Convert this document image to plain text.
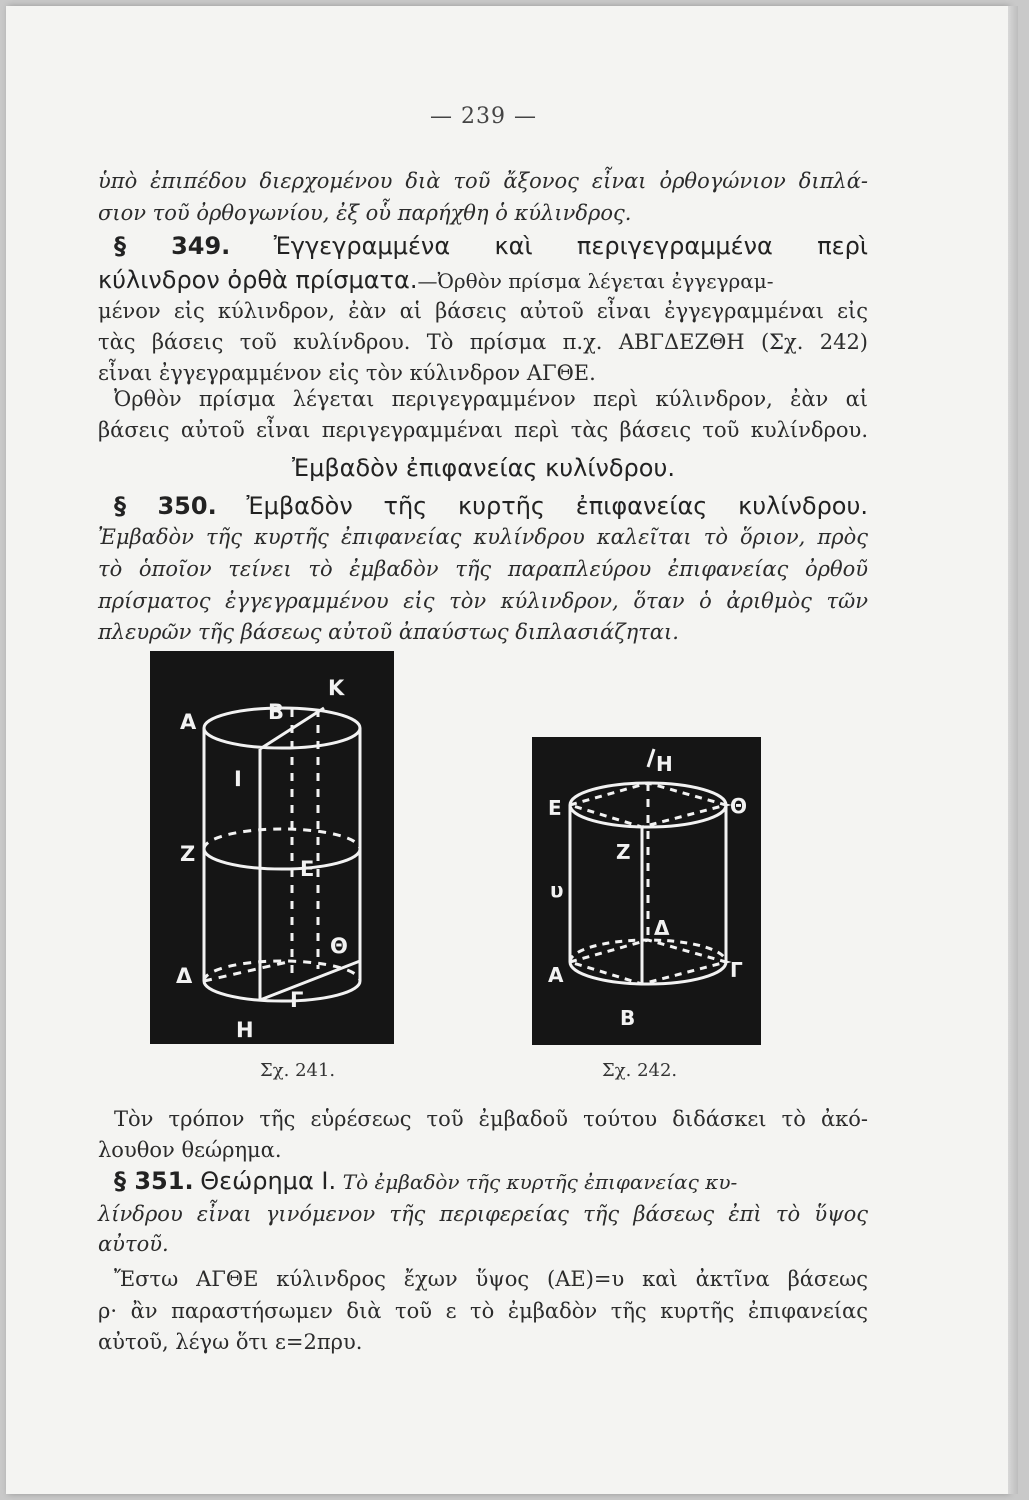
— 239 —
ὑπὸ ἐπιπέδου διερχομένου διὰ τοῦ ἄξονος εἶναι ὀρθογώνιον διπλά-
σιον τοῦ ὀρθογωνίου, ἐξ οὗ παρήχθη ὁ κύλινδρος.
§ 349. Ἐγγεγραμμένα καὶ περιγεγραμμένα περὶ
κύλινδρον ὀρθὰ πρίσματα.—Ὀρθὸν πρίσμα λέγεται ἐγγεγραμ-
μένον εἰς κύλινδρον, ἐὰν αἱ βάσεις αὐτοῦ εἶναι ἐγγεγραμμέναι εἰς
τὰς βάσεις τοῦ κυλίνδρου. Τὸ πρίσμα π.χ. ΑΒΓΔΕΖΘΗ (Σχ. 242)
εἶναι ἐγγεγραμμένον εἰς τὸν κύλινδρον ΑΓΘΕ.
Ὀρθὸν πρίσμα λέγεται περιγεγραμμένον περὶ κύλινδρον, ἐὰν αἱ
βάσεις αὐτοῦ εἶναι περιγεγραμμέναι περὶ τὰς βάσεις τοῦ κυλίνδρου.
Ἐμβαδὸν ἐπιφανείας κυλίνδρου.
§ 350. Ἐμβαδὸν τῆς κυρτῆς ἐπιφανείας κυλίνδρου.
Ἐμβαδὸν τῆς κυρτῆς ἐπιφανείας κυλίνδρου καλεῖται τὸ ὅριον, πρὸς
τὸ ὁποῖον τείνει τὸ ἐμβαδὸν τῆς παραπλεύρου ἐπιφανείας ὀρθοῦ
πρίσματος ἐγγεγραμμένου εἰς τὸν κύλινδρον, ὅταν ὁ ἀριθμὸς τῶν
πλευρῶν τῆς βάσεως αὐτοῦ ἀπαύστως διπλασιάζηται.
Α	Β
Κ
Ι
Ζ
Ε
Θ
Δ
Γ
Η
Σχ. 241.
Η
Ε	Θ
Ζ
υ
Δ
Α	Γ
Β
Σχ. 242.
Τὸν τρόπον τῆς εὑρέσεως τοῦ ἐμβαδοῦ τούτου διδάσκει τὸ ἀκό-
λουθον θεώρημα.
§ 351. Θεώρημα Ι. Τὸ ἐμβαδὸν τῆς κυρτῆς ἐπιφανείας κυ-
λίνδρου εἶναι γινόμενον τῆς περιφερείας τῆς βάσεως ἐπὶ τὸ ὕψος
αὐτοῦ.
Ἔστω ΑΓΘΕ κύλινδρος ἔχων ὕψος (ΑΕ)=υ καὶ ἀκτῖνα βάσεως
ρ· ἂν παραστήσωμεν διὰ τοῦ ε τὸ ἐμβαδὸν τῆς κυρτῆς ἐπιφανείας
αὐτοῦ, λέγω ὅτι ε=2πρυ.
